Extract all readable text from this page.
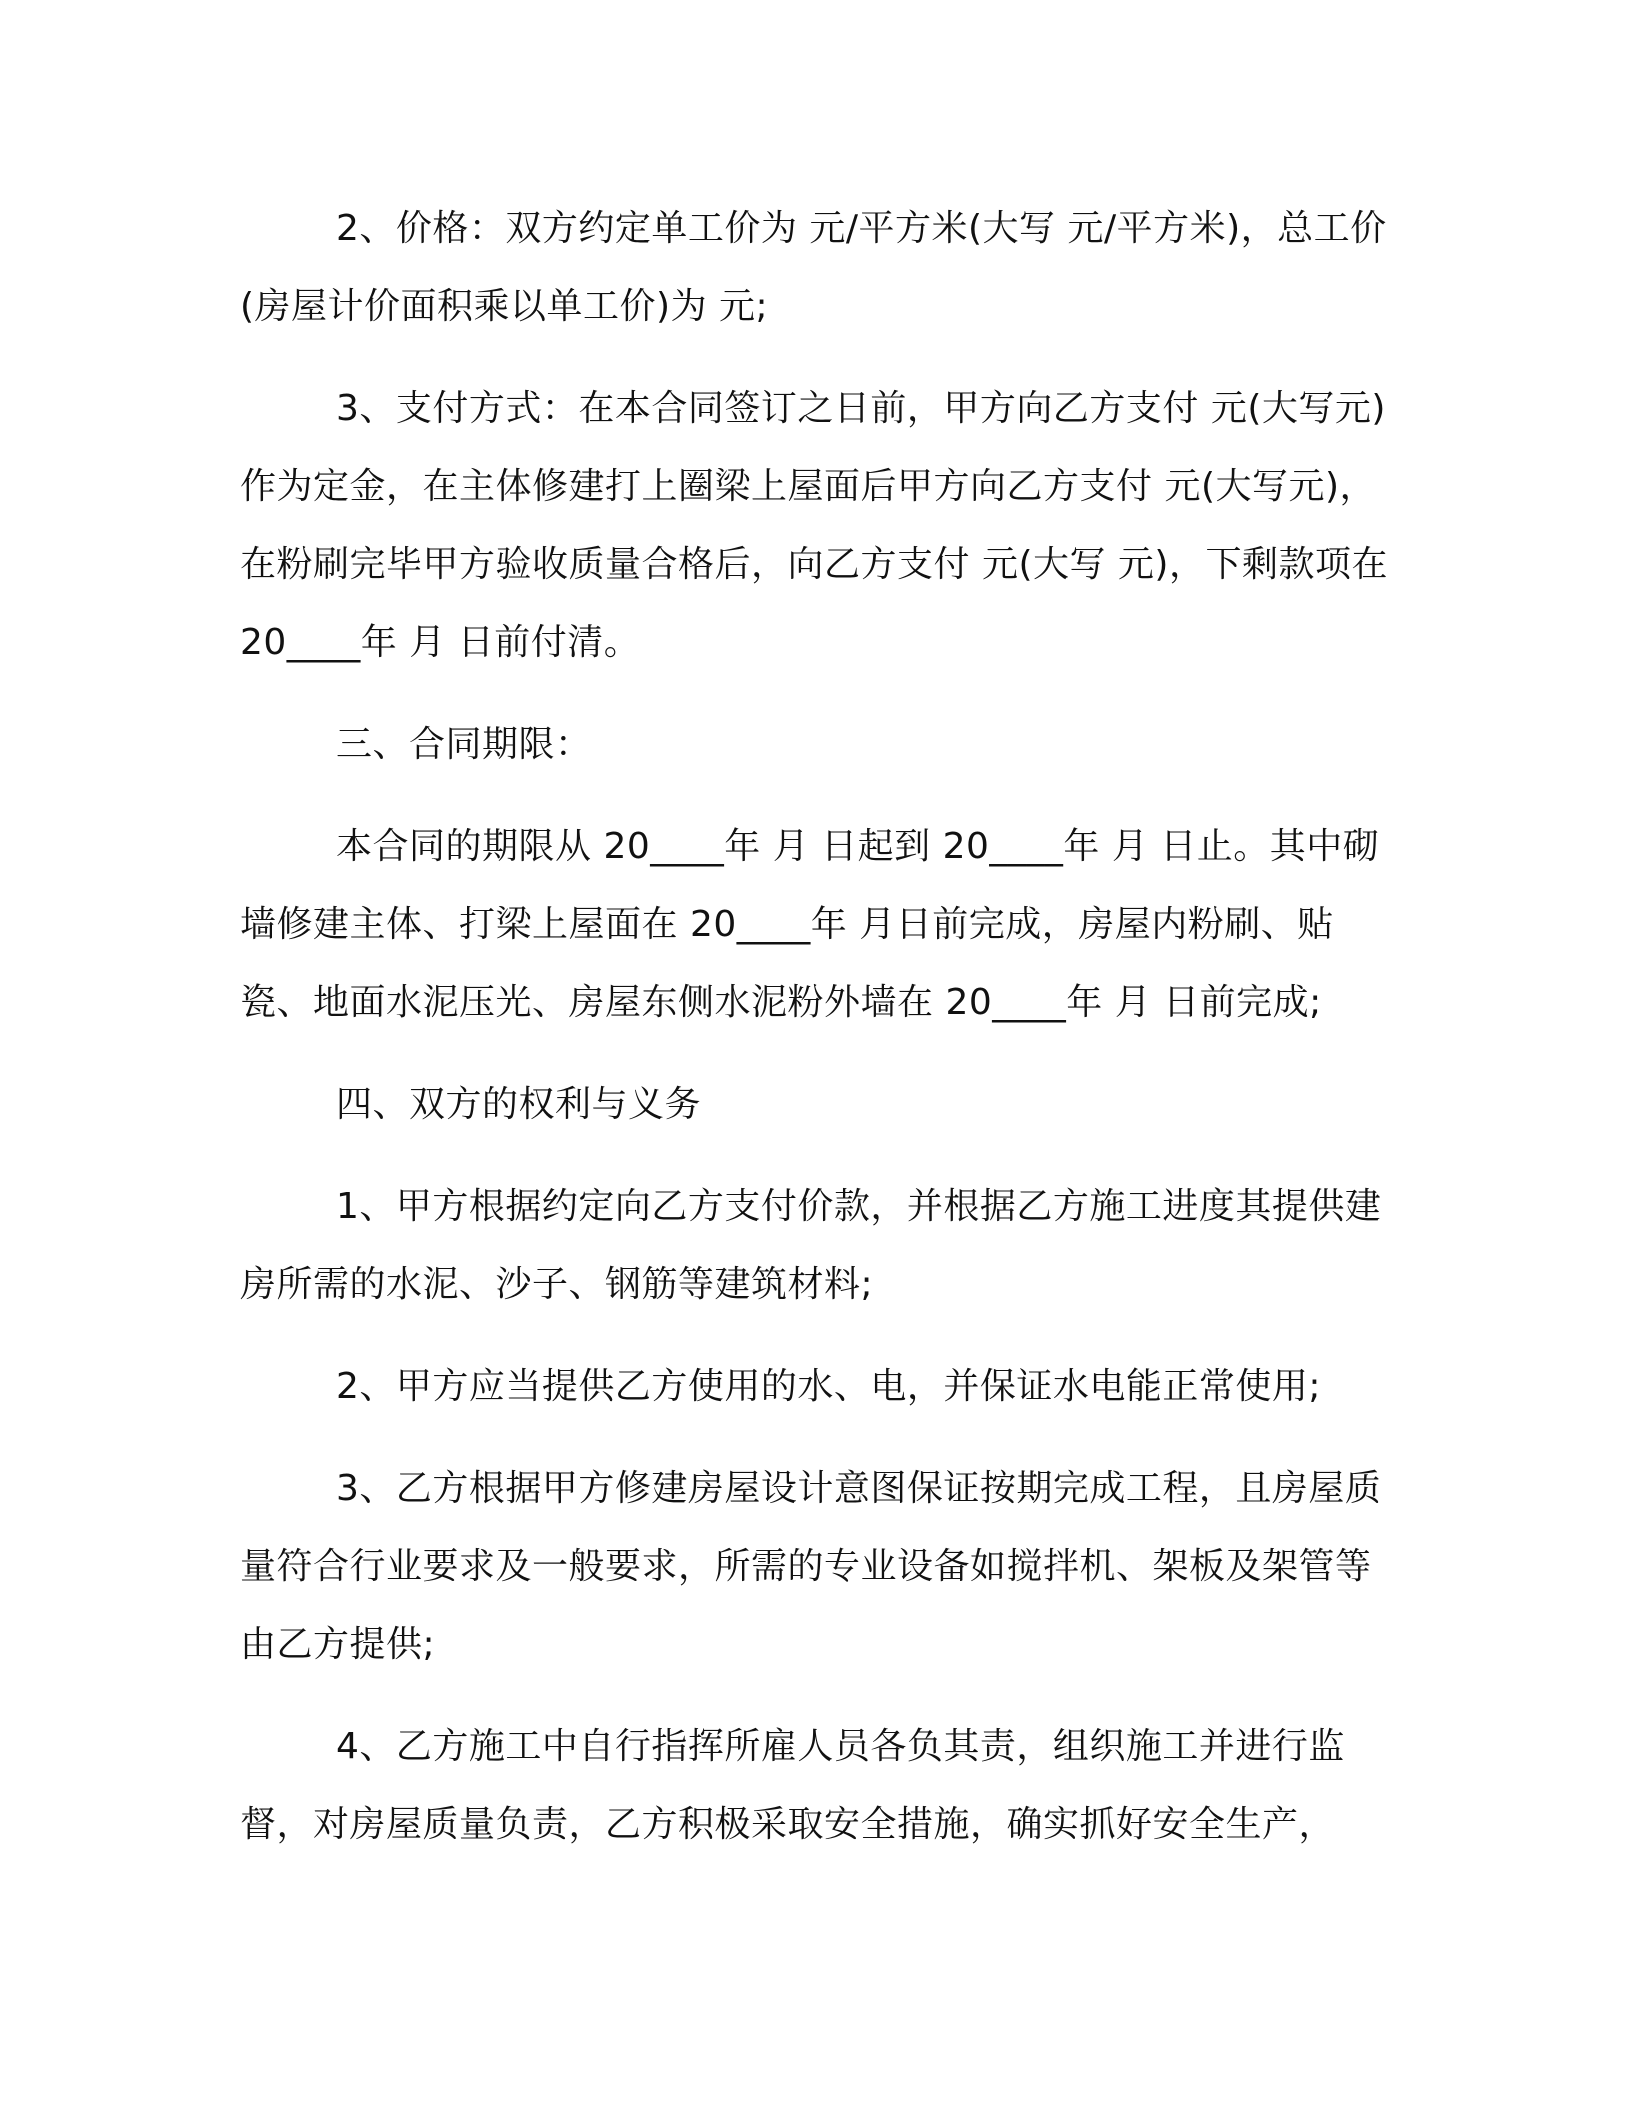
2、价格：双方约定单工价为 元/平方米(大写 元/平方米)，总工价(房屋计价面积乘以单工价)为 元;

3、支付方式：在本合同签订之日前，甲方向乙方支付 元(大写元)作为定金，在主体修建打上圈梁上屋面后甲方向乙方支付 元(大写元)，在粉刷完毕甲方验收质量合格后，向乙方支付 元(大写 元)，下剩款项在 20____年 月 日前付清。

三、合同期限：

本合同的期限从 20____年 月 日起到 20____年 月 日止。其中砌墙修建主体、打梁上屋面在 20____年 月日前完成，房屋内粉刷、贴瓷、地面水泥压光、房屋东侧水泥粉外墙在 20____年 月 日前完成;

四、双方的权利与义务

1、甲方根据约定向乙方支付价款，并根据乙方施工进度其提供建房所需的水泥、沙子、钢筋等建筑材料;

2、甲方应当提供乙方使用的水、电，并保证水电能正常使用;

3、乙方根据甲方修建房屋设计意图保证按期完成工程，且房屋质量符合行业要求及一般要求，所需的专业设备如搅拌机、架板及架管等由乙方提供;

4、乙方施工中自行指挥所雇人员各负其责，组织施工并进行监督，对房屋质量负责，乙方积极采取安全措施，确实抓好安全生产，
